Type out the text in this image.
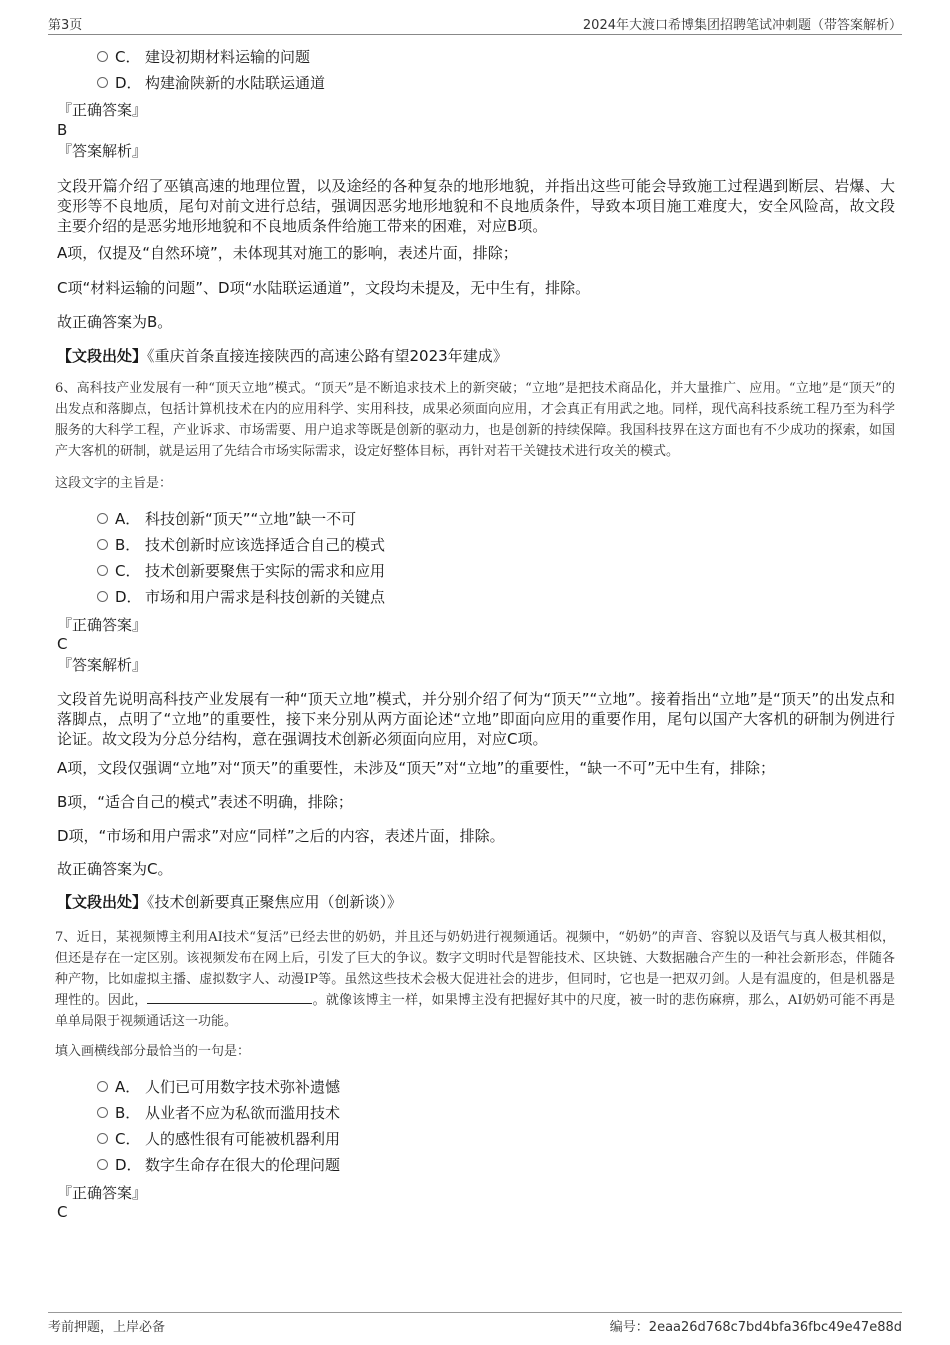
第3页	2024年大渡口希博集团招聘笔试冲刺题（带答案解析）
C． 建设初期材料运输的问题
D． 构建渝陕新的水陆联运通道
『正确答案』
B
『答案解析』
文段开篇介绍了巫镇高速的地理位置，以及途经的各种复杂的地形地貌，并指出这些可能会导致施工过程遇到断层、岩爆、大变形等不良地质，尾句对前文进行总结，强调因恶劣地形地貌和不良地质条件，导致本项目施工难度大，安全风险高，故文段主要介绍的是恶劣地形地貌和不良地质条件给施工带来的困难，对应B项。
A项，仅提及“自然环境”，未体现其对施工的影响，表述片面，排除；
C项“材料运输的问题”、D项“水陆联运通道”，文段均未提及，无中生有，排除。
故正确答案为B。
【文段出处】《重庆首条直接连接陕西的高速公路有望2023年建成》
6、高科技产业发展有一种“顶天立地”模式。“顶天”是不断追求技术上的新突破；“立地”是把技术商品化，并大量推广、应用。“立地”是“顶天”的出发点和落脚点，包括计算机技术在内的应用科学、实用科技，成果必须面向应用，才会真正有用武之地。同样，现代高科技系统工程乃至为科学服务的大科学工程，产业诉求、市场需要、用户追求等既是创新的驱动力，也是创新的持续保障。我国科技界在这方面也有不少成功的探索，如国产大客机的研制，就是运用了先结合市场实际需求，设定好整体目标，再针对若干关键技术进行攻关的模式。
这段文字的主旨是：
A． 科技创新“顶天”“立地”缺一不可
B． 技术创新时应该选择适合自己的模式
C． 技术创新要聚焦于实际的需求和应用
D． 市场和用户需求是科技创新的关键点
『正确答案』
C
『答案解析』
文段首先说明高科技产业发展有一种“顶天立地”模式，并分别介绍了何为“顶天”“立地”。接着指出“立地”是“顶天”的出发点和落脚点，点明了“立地”的重要性，接下来分别从两方面论述“立地”即面向应用的重要作用，尾句以国产大客机的研制为例进行论证。故文段为分总分结构，意在强调技术创新必须面向应用，对应C项。
A项，文段仅强调“立地”对“顶天”的重要性，未涉及“顶天”对“立地”的重要性，“缺一不可”无中生有，排除；
B项，“适合自己的模式”表述不明确，排除；
D项，“市场和用户需求”对应“同样”之后的内容，表述片面，排除。
故正确答案为C。
【文段出处】《技术创新要真正聚焦应用（创新谈）》
7、近日，某视频博主利用AI技术“复活”已经去世的奶奶，并且还与奶奶进行视频通话。视频中，“奶奶”的声音、容貌以及语气与真人极其相似，但还是存在一定区别。该视频发布在网上后，引发了巨大的争议。数字文明时代是智能技术、区块链、大数据融合产生的一种社会新形态，伴随各种产物，比如虚拟主播、虚拟数字人、动漫IP等。虽然这些技术会极大促进社会的进步，但同时，它也是一把双刃剑。人是有温度的，但是机器是理性的。因此，	。就像该博主一样，如果博主没有把握好其中的尺度，被一时的悲伤麻痹，那么，AI奶奶可能不再是单单局限于视频通话这一功能。
填入画横线部分最恰当的一句是：
A． 人们已可用数字技术弥补遗憾
B． 从业者不应为私欲而滥用技术
C． 人的感性很有可能被机器利用
D． 数字生命存在很大的伦理问题
『正确答案』
C
考前押题，上岸必备	编号：2eaa26d768c7bd4bfa36fbc49e47e88d
